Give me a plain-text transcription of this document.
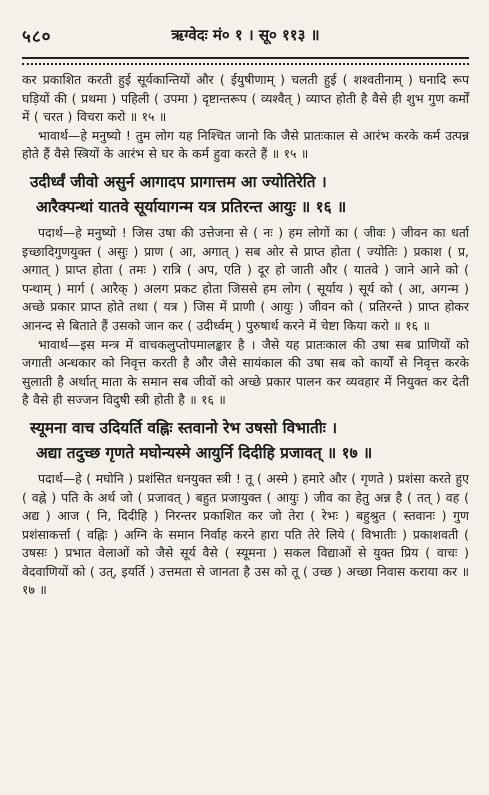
५८०	ऋग्वेदः मं० १ । सू० ११३ ॥

कर प्रकाशित करती हुई सूर्यकान्तियों और ( ईयुषीणाम् ) चलती हुई ( शश्वतीनाम् ) घनादि रूप घड़ियों की ( प्रथमा ) पहिली ( उपमा ) दृष्टान्तरूप ( व्यश्वैत् ) व्याप्त होती है वैसे ही शुभ गुण कर्मों में ( चरत ) विचरा करो ॥ १५ ॥

भावार्थ—हे मनुष्यो ! तुम लोग यह निश्चित जानो कि जैसे प्रातःकाल से आरंभ करके कर्म उत्पन्न होते हैं वैसे स्त्रियों के आरंभ से घर के कर्म हुवा करते हैं ॥ १५ ॥

उदीर्ध्वं जीवो असुर्न आगादप प्रागात्तम आ ज्योतिरेति ।

आरैक्पन्थां यातवे सूर्यायागन्म यत्र प्रतिरन्त आयुः ॥ १६ ॥

पदार्थ—हे मनुष्यो ! जिस उषा की उत्तेजना से ( नः ) हम लोगों का ( जीवः ) जीवन का धर्ता इच्छादिगुणयुक्त ( असुः ) प्राण ( आ, अगात् ) सब ओर से प्राप्त होता ( ज्योतिः ) प्रकाश ( प्र, अगात् ) प्राप्त होता ( तमः ) रात्रि ( अप, एति ) दूर हो जाती और ( यातवे ) जाने आने को ( पन्थाम् ) मार्ग ( आरैक् ) अलग प्रकट होता जिससे हम लोग ( सूर्याय ) सूर्य को ( आ, अगन्म ) अच्छे प्रकार प्राप्त होते तथा ( यत्र ) जिस में प्राणी ( आयुः ) जीवन को ( प्रतिरन्ते ) प्राप्त होकर आनन्द से बिताते हैं उसको जान कर ( उदीर्ध्वम् ) पुरुषार्थ करने में चेष्टा किया करो ॥ १६ ॥

भावार्थ—इस मन्त्र में वाचकलुप्तोपमालङ्कार है । जैसे यह प्रातःकाल की उषा सब प्राणियों को जगाती अन्धकार को निवृत्त करती है और जैसे सायंकाल की उषा सब को कार्यों से निवृत्त करके सुलाती है अर्थात् माता के समान सब जीवों को अच्छे प्रकार पालन कर व्यवहार में नियुक्त कर देती है वैसे ही सज्जन विदुषी स्त्री होती है ॥ १६ ॥

स्यूमना वाच उदियर्ति वह्निः स्तवानो रेभ उषसो विभातीः ।

अद्या तदुच्छ गृणते मघोन्यस्मे आयुर्नि दिदीहि प्रजावत् ॥ १७ ॥

पदार्थ—हे ( मघोनि ) प्रशंसित धनयुक्त स्त्री ! तू ( अस्मे ) हमारे और ( गृणते ) प्रशंसा करते हुए ( वह्ने ) पति के अर्थ जो ( प्रजावत् ) बहुत प्रजायुक्त ( आयुः ) जीव का हेतु अन्न है ( तत् ) वह ( अद्य ) आज ( नि, दिदीहि ) निरन्तर प्रकाशित कर जो तेरा ( रेभः ) बहुश्रुत ( स्तवानः ) गुण प्रशंसाकर्त्ता ( वह्निः ) अग्नि के समान निर्वाह करने हारा पति तेरे लिये ( विभातीः ) प्रकाशवती ( उषसः ) प्रभात वेलाओं को जैसे सूर्य वैसे ( स्यूमना ) सकल विद्याओं से युक्त प्रिय ( वाचः ) वेदवाणियों को ( उत्, इयर्ति ) उत्तमता से जानता है उस को तू ( उच्छ ) अच्छा निवास कराया कर ॥ १७ ॥
